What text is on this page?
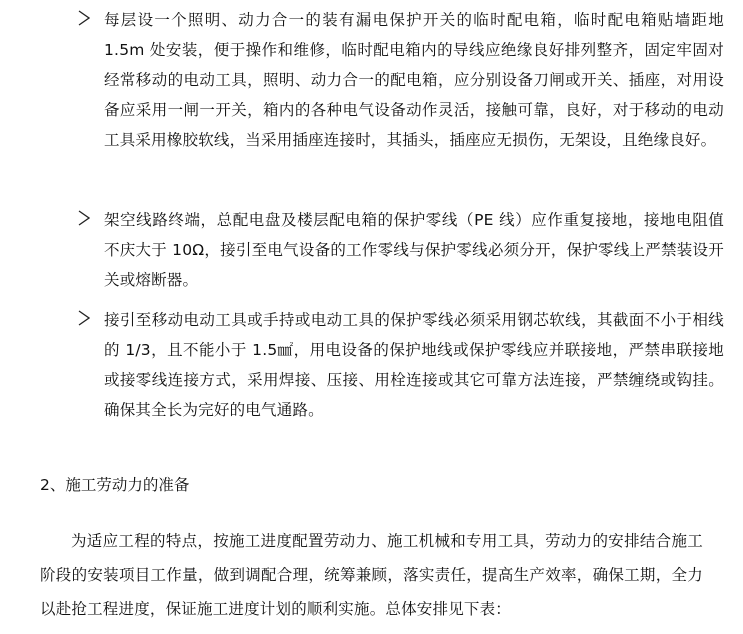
每层设一个照明、动力合一的装有漏电保护开关的临时配电箱，临时配电箱贴墙距地 1.5m 处安装，便于操作和维修，临时配电箱内的导线应绝缘良好排列整齐，固定牢固对经常移动的电动工具，照明、动力合一的配电箱，应分别设备刀闸或开关、插座，对用设备应采用一闸一开关，箱内的各种电气设备动作灵活，接触可靠，良好，对于移动的电动工具采用橡胶软线，当采用插座连接时，其插头，插座应无损伤，无架设，且绝缘良好。

架空线路终端，总配电盘及楼层配电箱的保护零线（PE 线）应作重复接地，接地电阻值不庆大于 10Ω，接引至电气设备的工作零线与保护零线必须分开，保护零线上严禁装设开关或熔断器。

接引至移动电动工具或手持或电动工具的保护零线必须采用钢芯软线，其截面不小于相线的 1/3，且不能小于 1.5㎟，用电设备的保护地线或保护零线应并联接地，严禁串联接地或接零线连接方式，采用焊接、压接、用栓连接或其它可靠方法连接，严禁缠绕或钩挂。确保其全长为完好的电气通路。

2、施工劳动力的准备

为适应工程的特点，按施工进度配置劳动力、施工机械和专用工具，劳动力的安排结合施工阶段的安装项目工作量，做到调配合理，统筹兼顾，落实责任，提高生产效率，确保工期，全力以赴抢工程进度，保证施工进度计划的顺利实施。总体安排见下表：
